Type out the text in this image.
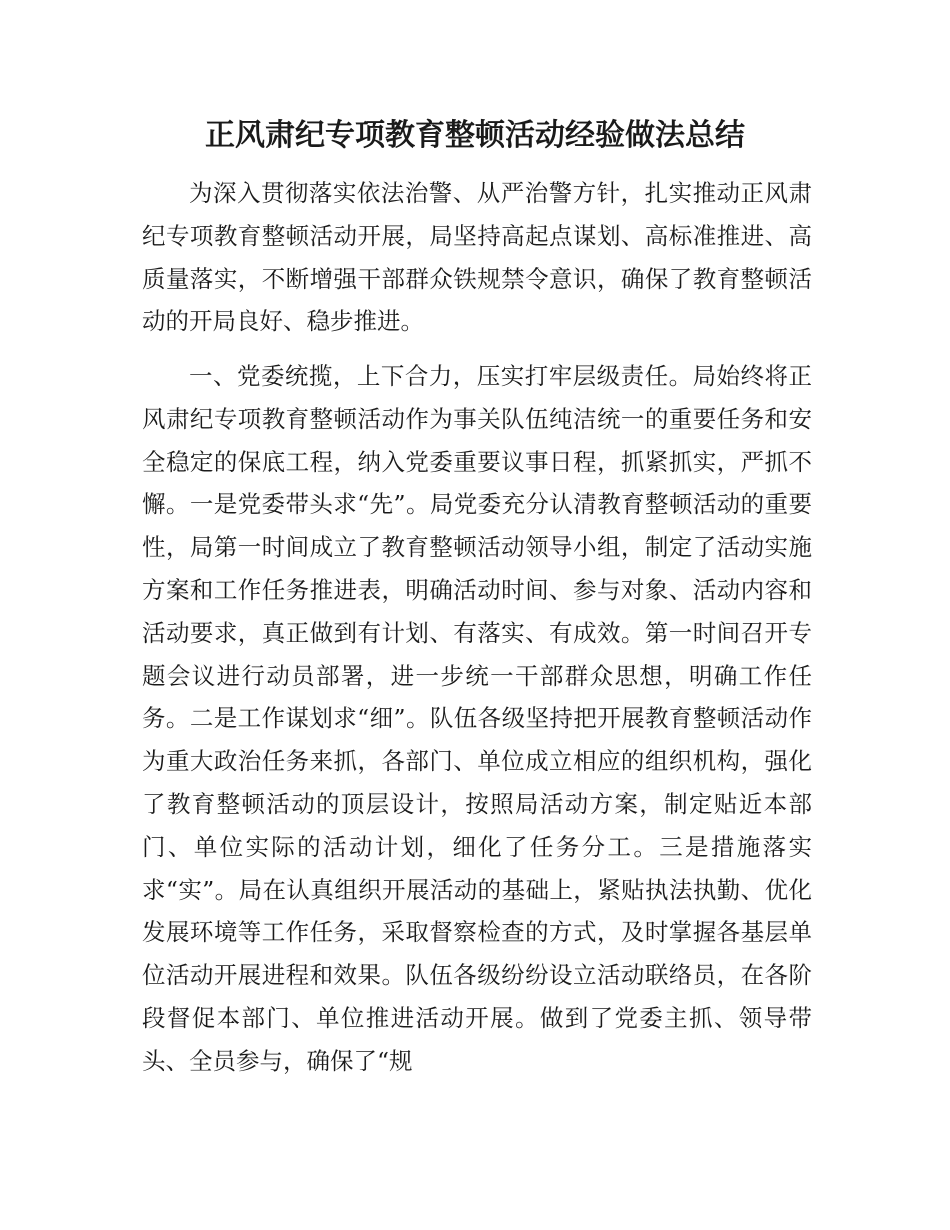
正风肃纪专项教育整顿活动经验做法总结

为深入贯彻落实依法治警、从严治警方针，扎实推动正风肃纪专项教育整顿活动开展，局坚持高起点谋划、高标准推进、高质量落实，不断增强干部群众铁规禁令意识，确保了教育整顿活动的开局良好、稳步推进。

一、党委统揽，上下合力，压实打牢层级责任。局始终将正风肃纪专项教育整顿活动作为事关队伍纯洁统一的重要任务和安全稳定的保底工程，纳入党委重要议事日程，抓紧抓实，严抓不懈。一是党委带头求“先”。局党委充分认清教育整顿活动的重要性，局第一时间成立了教育整顿活动领导小组，制定了活动实施方案和工作任务推进表，明确活动时间、参与对象、活动内容和活动要求，真正做到有计划、有落实、有成效。第一时间召开专题会议进行动员部署，进一步统一干部群众思想，明确工作任务。二是工作谋划求“细”。队伍各级坚持把开展教育整顿活动作为重大政治任务来抓，各部门、单位成立相应的组织机构，强化了教育整顿活动的顶层设计，按照局活动方案，制定贴近本部门、单位实际的活动计划，细化了任务分工。三是措施落实求“实”。局在认真组织开展活动的基础上，紧贴执法执勤、优化发展环境等工作任务，采取督察检查的方式，及时掌握各基层单位活动开展进程和效果。队伍各级纷纷设立活动联络员，在各阶段督促本部门、单位推进活动开展。做到了党委主抓、领导带头、全员参与，确保了“规
